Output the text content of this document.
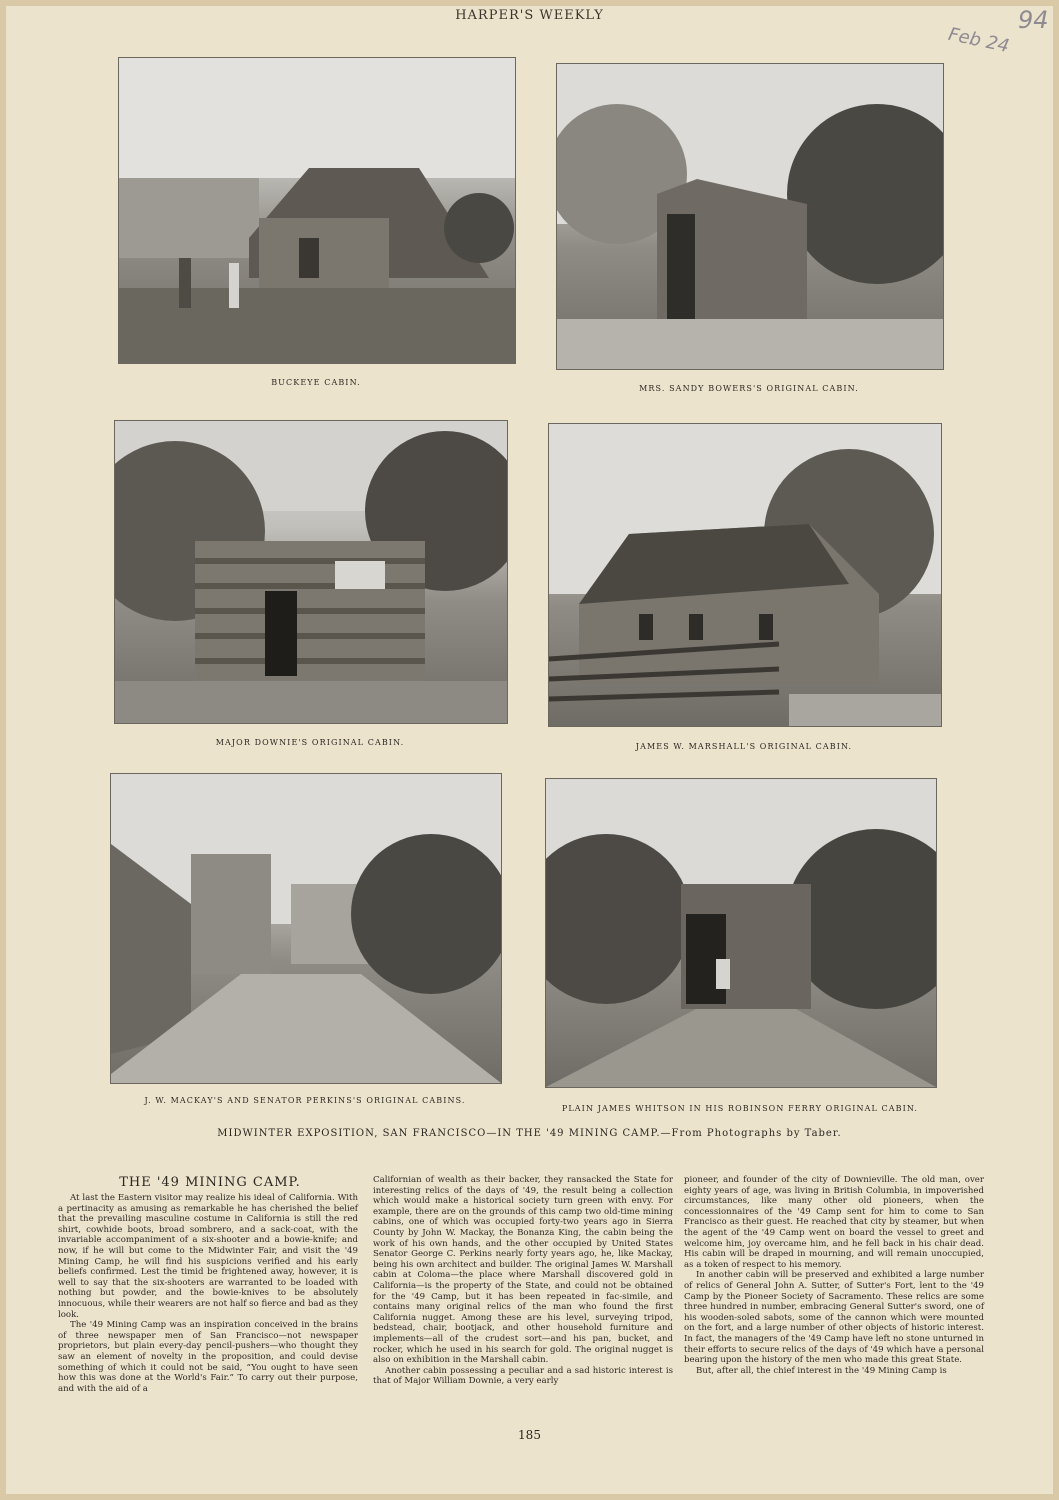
HARPER'S WEEKLY
Feb 24
94
BUCKEYE CABIN.
MRS. SANDY BOWERS'S ORIGINAL CABIN.
MAJOR DOWNIE'S ORIGINAL CABIN.	JAMES W. MARSHALL'S ORIGINAL CABIN.
J. W. MACKAY'S AND SENATOR PERKINS'S ORIGINAL CABINS.
PLAIN JAMES WHITSON IN HIS ROBINSON FERRY ORIGINAL CABIN.
MIDWINTER EXPOSITION, SAN FRANCISCO—IN THE '49 MINING CAMP.—From Photographs by Taber.
THE '49 MINING CAMP.

At last the Eastern visitor may realize his ideal of California. With a pertinacity as amusing as remarkable he has cherished the belief that the prevailing masculine costume in California is still the red shirt, cowhide boots, broad sombrero, and a sack-coat, with the invariable accompaniment of a six-shooter and a bowie-knife; and now, if he will but come to the Midwinter Fair, and visit the '49 Mining Camp, he will find his suspicions verified and his early beliefs confirmed. Lest the timid be frightened away, however, it is well to say that the six-shooters are warranted to be loaded with nothing but powder, and the bowie-knives to be absolutely innocuous, while their wearers are not half so fierce and bad as they look.

The '49 Mining Camp was an inspiration conceived in the brains of three newspaper men of San Francisco—not newspaper proprietors, but plain every-day pencil-pushers—who thought they saw an element of novelty in the proposition, and could devise something of which it could not be said, “You ought to have seen how this was done at the World's Fair.” To carry out their purpose, and with the aid of a

Californian of wealth as their backer, they ransacked the State for interesting relics of the days of '49, the result being a collection which would make a historical society turn green with envy. For example, there are on the grounds of this camp two old-time mining cabins, one of which was occupied forty-two years ago in Sierra County by John W. Mackay, the Bonanza King, the cabin being the work of his own hands, and the other occupied by United States Senator George C. Perkins nearly forty years ago, he, like Mackay, being his own architect and builder. The original James W. Marshall cabin at Coloma—the place where Marshall discovered gold in California—is the property of the State, and could not be obtained for the '49 Camp, but it has been repeated in fac-simile, and contains many original relics of the man who found the first California nugget. Among these are his level, surveying tripod, bedstead, chair, bootjack, and other household furniture and implements—all of the crudest sort—and his pan, bucket, and rocker, which he used in his search for gold. The original nugget is also on exhibition in the Marshall cabin.

Another cabin possessing a peculiar and a sad historic interest is that of Major William Downie, a very early

pioneer, and founder of the city of Downieville. The old man, over eighty years of age, was living in British Columbia, in impoverished circumstances, like many other old pioneers, when the concessionnaires of the '49 Camp sent for him to come to San Francisco as their guest. He reached that city by steamer, but when the agent of the '49 Camp went on board the vessel to greet and welcome him, joy overcame him, and he fell back in his chair dead. His cabin will be draped in mourning, and will remain unoccupied, as a token of respect to his memory.

In another cabin will be preserved and exhibited a large number of relics of General John A. Sutter, of Sutter's Fort, lent to the '49 Camp by the Pioneer Society of Sacramento. These relics are some three hundred in number, embracing General Sutter's sword, one of his wooden-soled sabots, some of the cannon which were mounted on the fort, and a large number of other objects of historic interest. In fact, the managers of the '49 Camp have left no stone unturned in their efforts to secure relics of the days of '49 which have a personal bearing upon the history of the men who made this great State.

But, after all, the chief interest in the '49 Mining Camp is

185
